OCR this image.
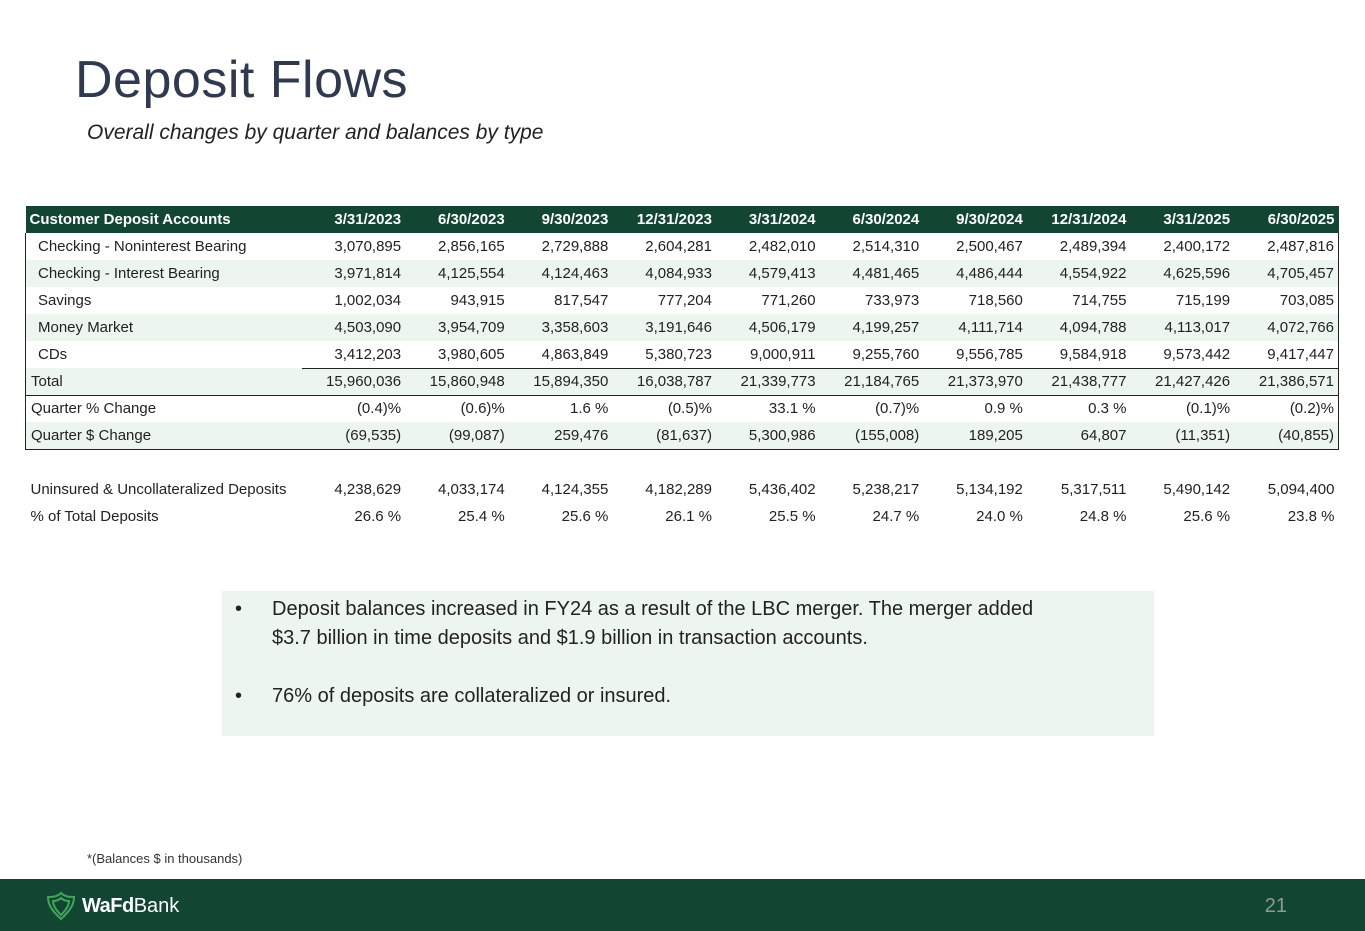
Deposit Flows

Overall changes by quarter and balances by type

Customer Deposit Accounts	3/31/2023	6/30/2023	9/30/2023	12/31/2023	3/31/2024	6/30/2024	9/30/2024	12/31/2024	3/31/2025	6/30/2025
Checking - Noninterest Bearing	3,070,895	2,856,165	2,729,888	2,604,281	2,482,010	2,514,310	2,500,467	2,489,394	2,400,172	2,487,816
Checking - Interest Bearing	3,971,814	4,125,554	4,124,463	4,084,933	4,579,413	4,481,465	4,486,444	4,554,922	4,625,596	4,705,457
Savings	1,002,034	943,915	817,547	777,204	771,260	733,973	718,560	714,755	715,199	703,085
Money Market	4,503,090	3,954,709	3,358,603	3,191,646	4,506,179	4,199,257	4,111,714	4,094,788	4,113,017	4,072,766
CDs	3,412,203	3,980,605	4,863,849	5,380,723	9,000,911	9,255,760	9,556,785	9,584,918	9,573,442	9,417,447
Total	15,960,036	15,860,948	15,894,350	16,038,787	21,339,773	21,184,765	21,373,970	21,438,777	21,427,426	21,386,571
Quarter % Change	(0.4)%	(0.6)%	1.6 %	(0.5)%	33.1 %	(0.7)%	0.9 %	0.3 %	(0.1)%	(0.2)%
Quarter $ Change	(69,535)	(99,087)	259,476	(81,637)	5,300,986	(155,008)	189,205	64,807	(11,351)	(40,855)

Uninsured & Uncollateralized Deposits	4,238,629	4,033,174	4,124,355	4,182,289	5,436,402	5,238,217	5,134,192	5,317,511	5,490,142	5,094,400
% of Total Deposits	26.6 %	25.4 %	25.6 %	26.1 %	25.5 %	24.7 %	24.0 %	24.8 %	25.6 %	23.8 %
• Deposit balances increased in FY24 as a result of the LBC merger. The merger added
$3.7 billion in time deposits and $1.9 billion in transaction accounts.
• 76% of deposits are collateralized or insured.
*(Balances $ in thousands)
WaFdBank	21
